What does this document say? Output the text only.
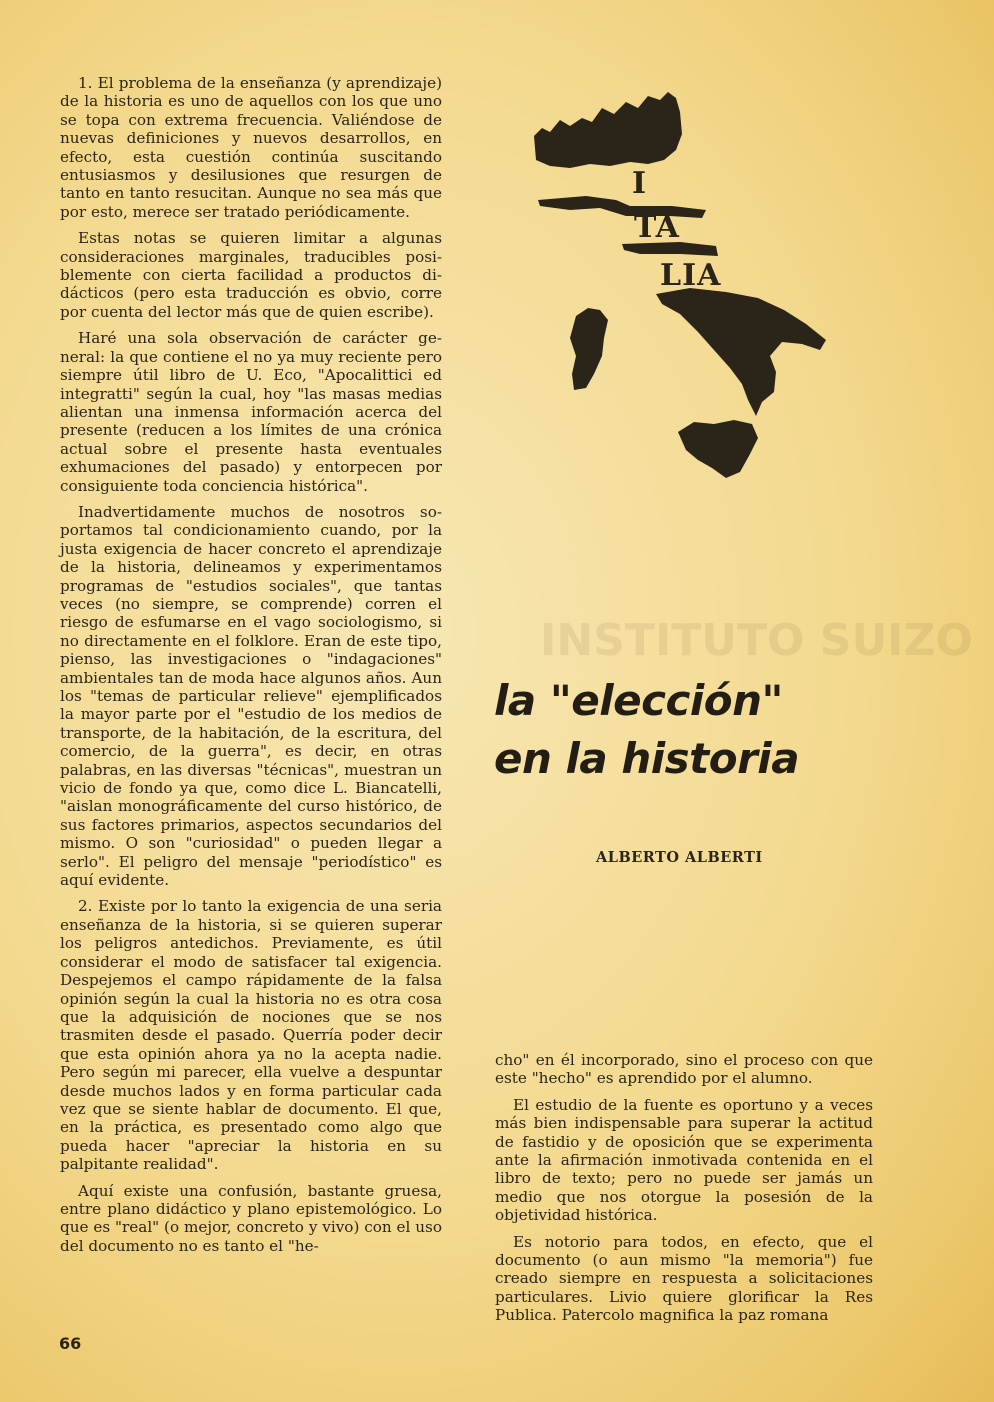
INSTITUTO SUIZO
I
TA
LIA

1. El problema de la enseñanza (y aprendizaje) de la historia es uno de aquellos con los que uno se topa con extrema frecuencia. Valiéndose de nuevas definiciones y nuevos desarrollos, en efecto, esta cuestión continúa suscitando entusiasmos y desilusiones que resurgen de tanto en tanto resucitan. Aunque no sea más que por esto, merece ser tratado periódicamente.

Estas notas se quieren limitar a algunas consideraciones marginales, traducibles posiblemente con cierta facilidad a productos didácticos (pero esta traducción es obvio, corre por cuenta del lector más que de quien escribe).

Haré una sola observación de carácter general: la que contiene el no ya muy reciente pero siempre útil libro de U. Eco, "Apocalittici ed integratti" según la cual, hoy "las masas medias alientan una inmensa información acerca del presente (reducen a los límites de una crónica actual sobre el presente hasta eventuales exhumaciones del pasado) y entorpecen por consiguiente toda conciencia histórica".

Inadvertidamente muchos de nosotros soportamos tal condicionamiento cuando, por la justa exigencia de hacer concreto el aprendizaje de la historia, delineamos y experimentamos programas de "estudios sociales", que tantas veces (no siempre, se comprende) corren el riesgo de esfumarse en el vago sociologismo, si no directamente en el folklore. Eran de este tipo, pienso, las investigaciones o "indagaciones" ambientales tan de moda hace algunos años. Aun los "temas de particular relieve" ejemplificados la mayor parte por el "estudio de los medios de transporte, de la habitación, de la escritura, del comercio, de la guerra", es decir, en otras palabras, en las diversas "técnicas", muestran un vicio de fondo ya que, como dice L. Biancatelli, "aislan monográficamente del curso histórico, de sus factores primarios, aspectos secundarios del mismo. O son "curiosidad" o pueden llegar a serlo". El peligro del mensaje "periodístico" es aquí evidente.

2. Existe por lo tanto la exigencia de una seria enseñanza de la historia, si se quieren superar los peligros antedichos. Previamente, es útil considerar el modo de satisfacer tal exigencia. Despejemos el campo rápidamente de la falsa opinión según la cual la historia no es otra cosa que la adquisición de nociones que se nos trasmiten desde el pasado. Querría poder decir que esta opinión ahora ya no la acepta nadie. Pero según mi parecer, ella vuelve a despuntar desde muchos lados y en forma particular cada vez que se siente hablar de documento. El que, en la práctica, es presentado como algo que pueda hacer "apreciar la historia en su palpitante realidad".

Aquí existe una confusión, bastante gruesa, entre plano didáctico y plano epistemológico. Lo que es "real" (o mejor, concreto y vivo) con el uso del documento no es tanto el "he-

la "elección"
en la historia
ALBERTO ALBERTI

cho" en él incorporado, sino el proceso con que este "hecho" es aprendido por el alumno.

El estudio de la fuente es oportuno y a veces más bien indispensable para superar la actitud de fastidio y de oposición que se experimenta ante la afirmación inmotivada contenida en el libro de texto; pero no puede ser jamás un medio que nos otorgue la posesión de la objetividad histórica.

Es notorio para todos, en efecto, que el documento (o aun mismo "la memoria") fue creado siempre en respuesta a solicitaciones particulares. Livio quiere glorificar la Res Publica. Patercolo magnifica la paz romana

66
